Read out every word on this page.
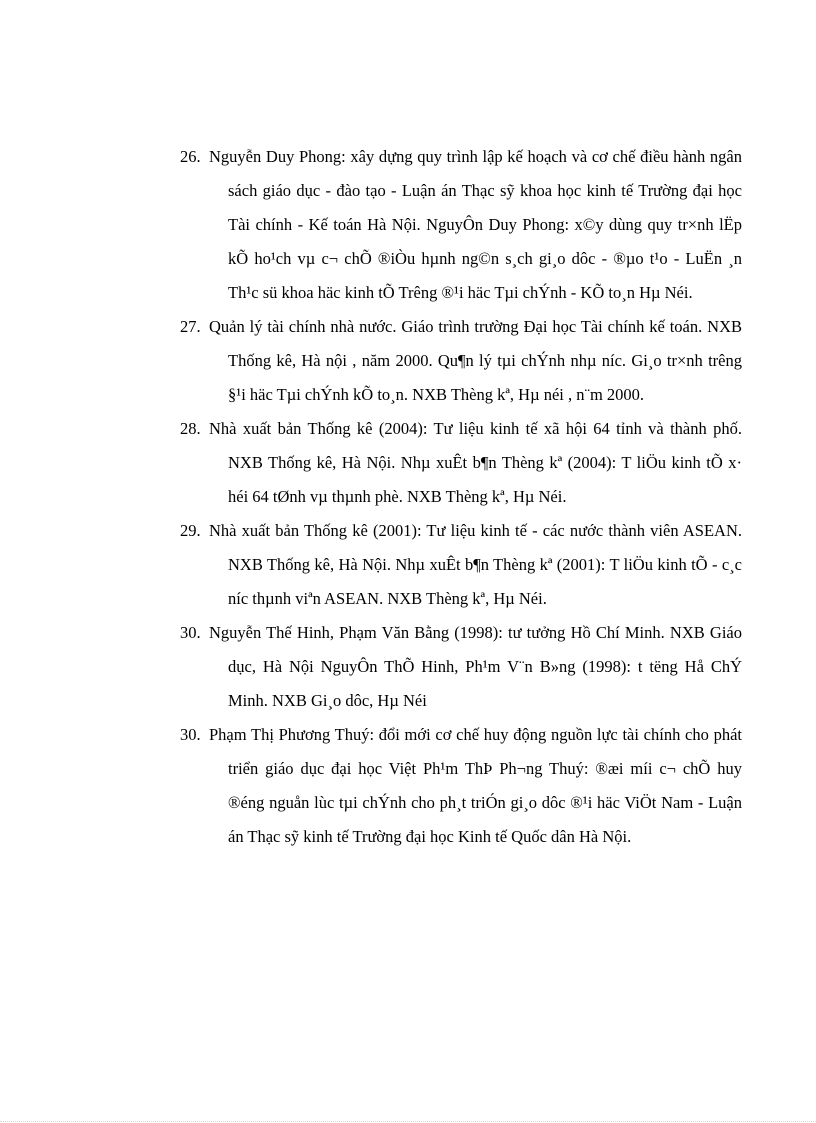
26. Nguyễn Duy Phong: xây dựng quy trình lập kế hoạch và cơ chế điều hành ngân sách giáo dục - đào tạo - Luận án Thạc sỹ khoa học kinh tế Trường đại học Tài chính - Kế toán Hà Nội. NguyÔn Duy Phong: x©y dùng quy tr×nh lËp kÕ ho¹ch vµ c¬ chÕ ®iÒu hµnh ng©n s¸ch gi¸o dôc - ®µo t¹o - LuËn ¸n Th¹c sü khoa häc kinh tÕ Trêng ®¹i häc Tµi chÝnh - KÕ to¸n Hµ Néi.
27. Quản lý tài chính nhà nước. Giáo trình trường Đại học Tài chính kế toán. NXB Thống kê, Hà nội , năm 2000. Qu¶n lý tµi chÝnh nhµ níc. Gi¸o tr×nh trêng §¹i häc Tµi chÝnh kÕ to¸n. NXB Thèng kª, Hµ néi , n¨m 2000.
28. Nhà xuất bản Thống kê (2004): Tư liệu kinh tế xã hội 64 tỉnh và thành phố. NXB Thống kê, Hà Nội. Nhµ xuÊt b¶n Thèng kª (2004): T liÖu kinh tÕ x· héi 64 tØnh vµ thµnh phè. NXB Thèng kª, Hµ Néi.
29. Nhà xuất bản Thống kê (2001): Tư liệu kinh tế - các nước thành viên ASEAN. NXB Thống kê, Hà Nội. Nhµ xuÊt b¶n Thèng kª (2001): T liÖu kinh tÕ - c¸c níc thµnh viªn ASEAN. NXB Thèng kª, Hµ Néi.
30. Nguyễn Thế Hinh, Phạm Văn Bằng (1998): tư tưởng Hồ Chí Minh. NXB Giáo dục, Hà Nội NguyÔn ThÕ Hinh, Ph¹m V¨n B»ng (1998): t tëng Hå ChÝ Minh. NXB Gi¸o dôc, Hµ Néi
30. Phạm Thị Phương Thuý: đổi mới cơ chế huy động nguồn lực tài chính cho phát triển giáo dục đại học Việt Ph¹m ThÞ Ph¬ng Thuý: ®æi míi c¬ chÕ huy ®éng nguån lùc tµi chÝnh cho ph¸t triÓn gi¸o dôc ®¹i häc ViÖt Nam - Luận án Thạc sỹ kinh tế Trường đại học Kinh tế Quốc dân Hà Nội.
